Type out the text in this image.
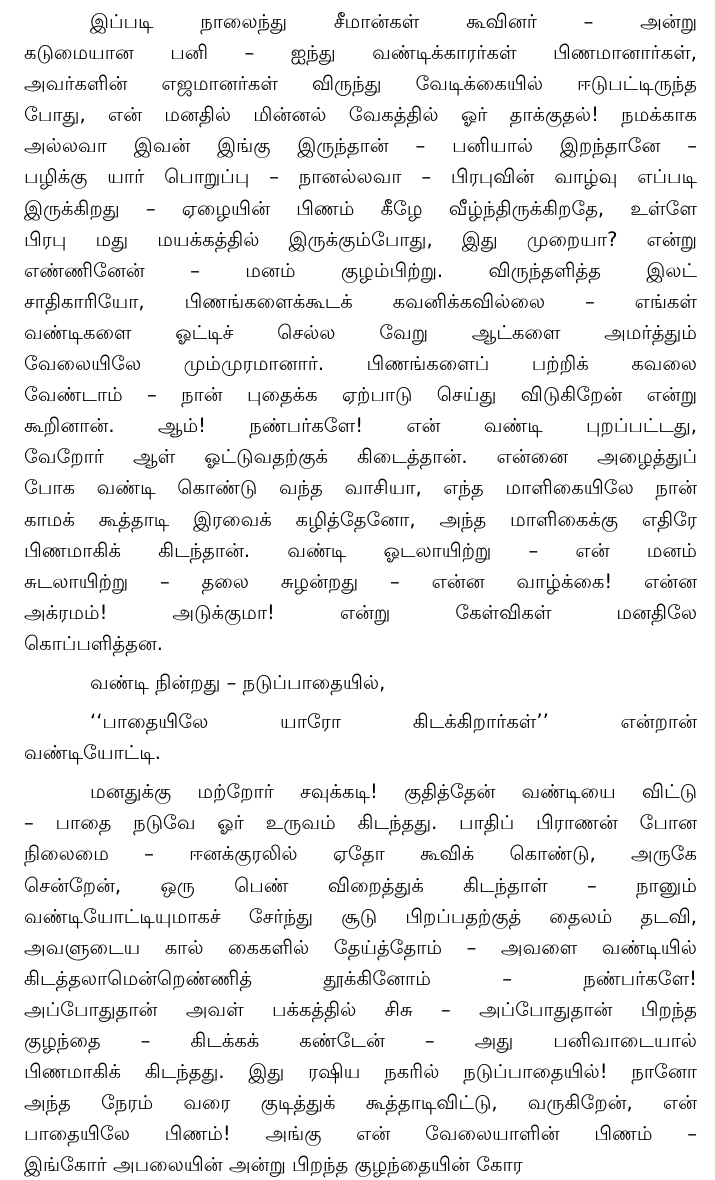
இப்படி நாலைந்து சீமான்கள் கூவினர் – அன்று
கடுமையான பனி – ஐந்து வண்டிக்காரர்கள் பிணமானார்கள்,
அவர்களின் எஜமானர்கள் விருந்து வேடிக்கையில் ஈடுபட்டிருந்த
போது, என் மனதில் மின்னல் வேகத்தில் ஓர் தாக்குதல்! நமக்காக
அல்லவா இவன் இங்கு இருந்தான் – பனியால் இறந்தானே –
பழிக்கு யார் பொறுப்பு – நானல்லவா – பிரபுவின் வாழ்வு எப்படி
இருக்கிறது – ஏழையின் பிணம் கீழே வீழ்ந்திருக்கிறதே, உள்ளே
பிரபு மது மயக்கத்தில் இருக்கும்போது, இது முறையா? என்று
எண்ணினேன் – மனம் குழம்பிற்று. விருந்தளித்த இலட்
சாதிகாரியோ, பிணங்களைக்கூடக் கவனிக்கவில்லை – எங்கள்
வண்டிகளை ஓட்டிச் செல்ல வேறு ஆட்களை அமர்த்தும்
வேலையிலே மும்முரமானார். பிணங்களைப் பற்றிக் கவலை
வேண்டாம் – நான் புதைக்க ஏற்பாடு செய்து விடுகிறேன் என்று
கூறினான். ஆம்! நண்பர்களே! என் வண்டி புறப்பட்டது,
வேறோர் ஆள் ஓட்டுவதற்குக் கிடைத்தான். என்னை அழைத்துப்
போக வண்டி கொண்டு வந்த வாசியா, எந்த மாளிகையிலே நான்
காமக் கூத்தாடி இரவைக் கழித்தேனோ, அந்த மாளிகைக்கு எதிரே
பிணமாகிக் கிடந்தான். வண்டி ஓடலாயிற்று – என் மனம்
சுடலாயிற்று – தலை சுழன்றது – என்ன வாழ்க்கை! என்ன
அக்ரமம்! அடுக்குமா! என்று கேள்விகள் மனதிலே
கொப்பளித்தன.

வண்டி நின்றது – நடுப்பாதையில்,

‘‘பாதையிலே யாரோ கிடக்கிறார்கள்’’ என்றான்
வண்டியோட்டி.

மனதுக்கு மற்றோர் சவுக்கடி! குதித்தேன் வண்டியை விட்டு
– பாதை நடுவே ஓர் உருவம் கிடந்தது. பாதிப் பிராணன் போன
நிலைமை – ஈனக்குரலில் ஏதோ கூவிக் கொண்டு, அருகே
சென்றேன், ஒரு பெண் விறைத்துக் கிடந்தாள் – நானும்
வண்டியோட்டியுமாகச் சேர்ந்து சூடு பிறப்பதற்குத் தைலம் தடவி,
அவளுடைய கால் கைகளில் தேய்த்தோம் – அவளை வண்டியில்
கிடத்தலாமென்றெண்ணித் தூக்கினோம் – நண்பர்களே!
அப்போதுதான் அவள் பக்கத்தில் சிசு – அப்போதுதான் பிறந்த
குழந்தை – கிடக்கக் கண்டேன் – அது பனிவாடையால்
பிணமாகிக் கிடந்தது. இது ரஷிய நகரில் நடுப்பாதையில்! நானோ
அந்த நேரம் வரை குடித்துக் கூத்தாடிவிட்டு, வருகிறேன், என்
பாதையிலே பிணம்! அங்கு என் வேலையாளின் பிணம் –
இங்கோர் அபலையின் அன்று பிறந்த குழந்தையின் கோர
